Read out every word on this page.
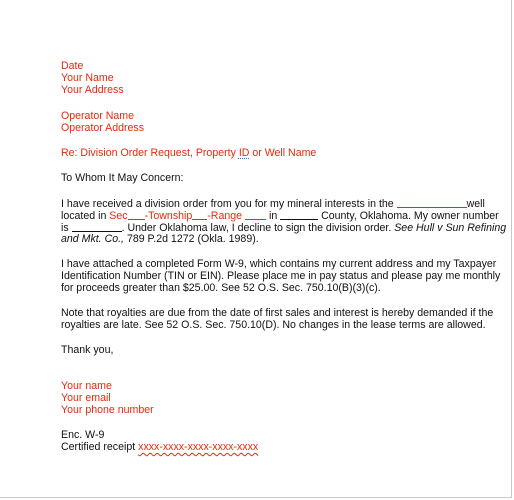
Date
Your Name
Your Address
Operator Name
Operator Address
Re: Division Order Request, Property ID or Well Name
To Whom It May Concern:
I have received a division order from you for my mineral interests in the	well
located in Sec -Township -Range in	County, Oklahoma. My owner number
is	. Under Oklahoma law, I decline to sign the division order. See Hull v Sun Refining
and Mkt. Co., 789 P.2d 1272 (Okla. 1989).
I have attached a completed Form W-9, which contains my current address and my Taxpayer
Identification Number (TIN or EIN). Please place me in pay status and please pay me monthly
for proceeds greater than $25.00. See 52 O.S. Sec. 750.10(B)(3)(c).
Note that royalties are due from the date of first sales and interest is hereby demanded if the
royalties are late. See 52 O.S. Sec. 750.10(D). No changes in the lease terms are allowed.
Thank you,
Your name
Your email
Your phone number
Enc. W-9
Certified receipt xxxx-xxxx-xxxx-xxxx-xxxx
